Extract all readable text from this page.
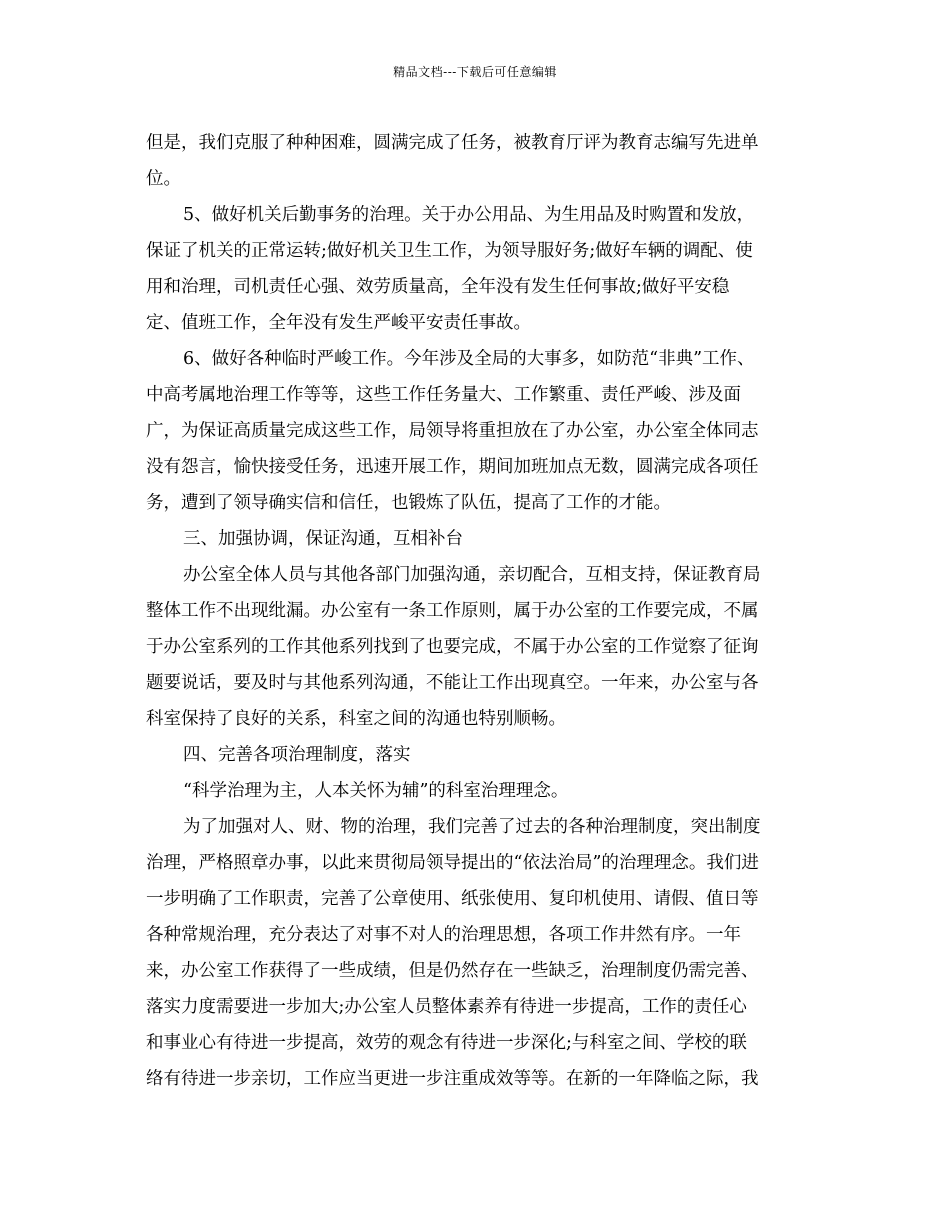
精品文档---下载后可任意编辑
但是，我们克服了种种困难，圆满完成了任务，被教育厅评为教育志编写先进单
位。
5、做好机关后勤事务的治理。关于办公用品、为生用品及时购置和发放，
保证了机关的正常运转;做好机关卫生工作，为领导服好务;做好车辆的调配、使
用和治理，司机责任心强、效劳质量高，全年没有发生任何事故;做好平安稳
定、值班工作，全年没有发生严峻平安责任事故。
6、做好各种临时严峻工作。今年涉及全局的大事多，如防范“非典”工作、
中高考属地治理工作等等，这些工作任务量大、工作繁重、责任严峻、涉及面
广，为保证高质量完成这些工作，局领导将重担放在了办公室，办公室全体同志
没有怨言，愉快接受任务，迅速开展工作，期间加班加点无数，圆满完成各项任
务，遭到了领导确实信和信任，也锻炼了队伍，提高了工作的才能。
三、加强协调，保证沟通，互相补台
办公室全体人员与其他各部门加强沟通，亲切配合，互相支持，保证教育局
整体工作不出现纰漏。办公室有一条工作原则，属于办公室的工作要完成，不属
于办公室系列的工作其他系列找到了也要完成，不属于办公室的工作觉察了征询
题要说话，要及时与其他系列沟通，不能让工作出现真空。一年来，办公室与各
科室保持了良好的关系，科室之间的沟通也特别顺畅。
四、完善各项治理制度，落实
“科学治理为主，人本关怀为辅”的科室治理理念。
为了加强对人、财、物的治理，我们完善了过去的各种治理制度，突出制度
治理，严格照章办事，以此来贯彻局领导提出的“依法治局”的治理理念。我们进
一步明确了工作职责，完善了公章使用、纸张使用、复印机使用、请假、值日等
各种常规治理，充分表达了对事不对人的治理思想，各项工作井然有序。一年
来，办公室工作获得了一些成绩，但是仍然存在一些缺乏，治理制度仍需完善、
落实力度需要进一步加大;办公室人员整体素养有待进一步提高，工作的责任心
和事业心有待进一步提高，效劳的观念有待进一步深化;与科室之间、学校的联
络有待进一步亲切，工作应当更进一步注重成效等等。在新的一年降临之际，我
